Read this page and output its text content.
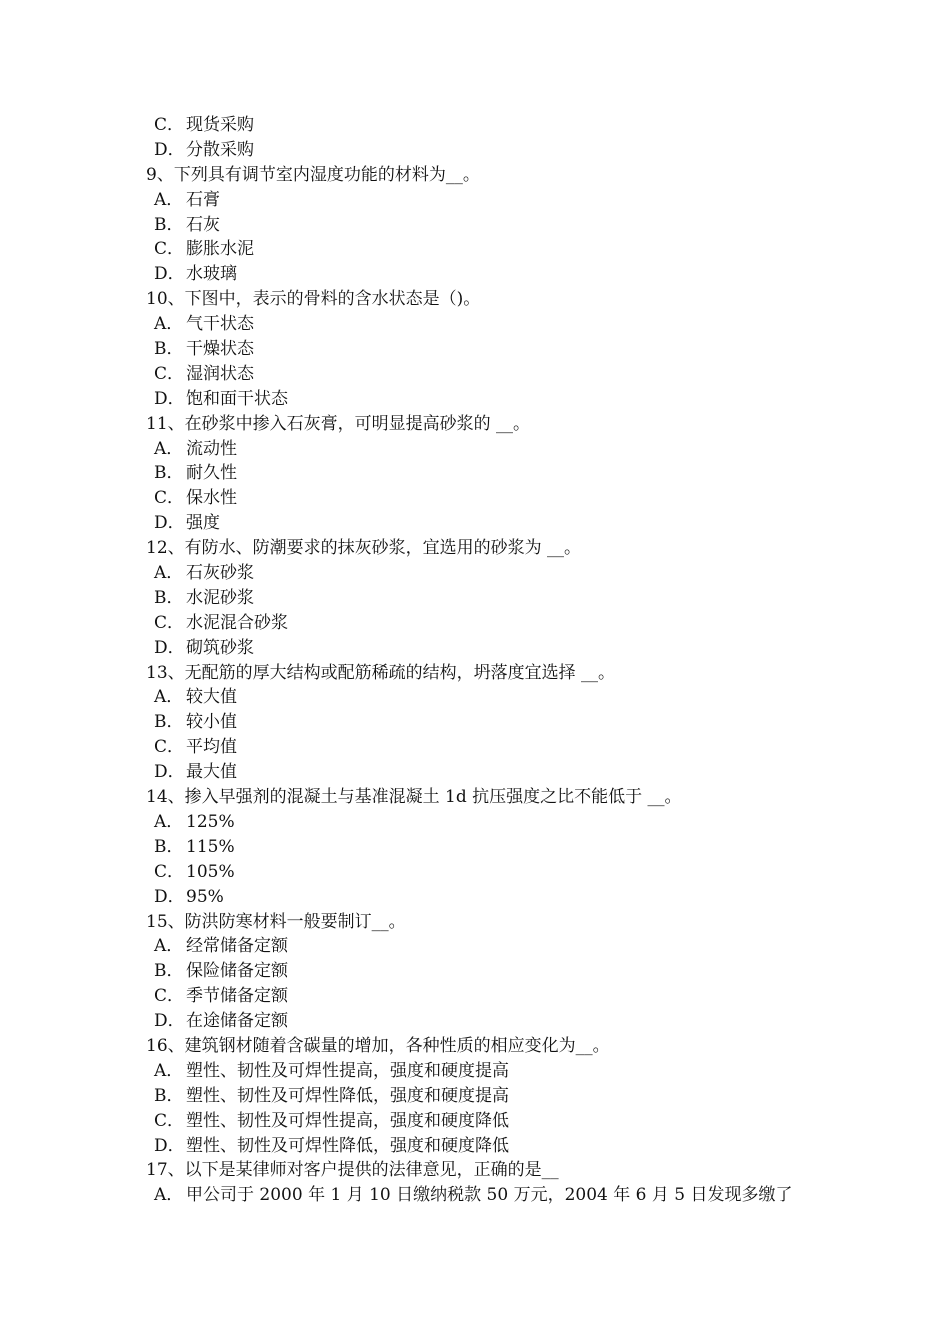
C． 现货采购
D．分散采购
9、下列具有调节室内湿度功能的材料为__。
A． 石膏
B． 石灰
C． 膨胀水泥
D．水玻璃
10、下图中，表示的骨料的含水状态是（)。
A． 气干状态
B． 干燥状态
C． 湿润状态
D．饱和面干状态
11、在砂浆中掺入石灰膏，可明显提高砂浆的 __。
A． 流动性
B． 耐久性
C． 保水性
D．强度
12、有防水、防潮要求的抹灰砂浆，宜选用的砂浆为 __。
A． 石灰砂浆
B． 水泥砂浆
C． 水泥混合砂浆
D．砌筑砂浆
13、无配筋的厚大结构或配筋稀疏的结构，坍落度宜选择 __。
A． 较大值
B． 较小值
C． 平均值
D．最大值
14、掺入早强剂的混凝土与基准混凝土 1d 抗压强度之比不能低于 __。
A． 125%
B． 115%
C． 105%
D．95%
15、防洪防寒材料一般要制订__。
A． 经常储备定额
B． 保险储备定额
C． 季节储备定额
D．在途储备定额
16、建筑钢材随着含碳量的增加，各种性质的相应变化为__。
A． 塑性、韧性及可焊性提高，强度和硬度提高
B． 塑性、韧性及可焊性降低，强度和硬度提高
C． 塑性、韧性及可焊性提高，强度和硬度降低
D．塑性、韧性及可焊性降低，强度和硬度降低
17、以下是某律师对客户提供的法律意见，正确的是__
A． 甲公司于 2000 年 1 月 10 日缴纳税款 50 万元，2004 年 6 月 5 日发现多缴了
